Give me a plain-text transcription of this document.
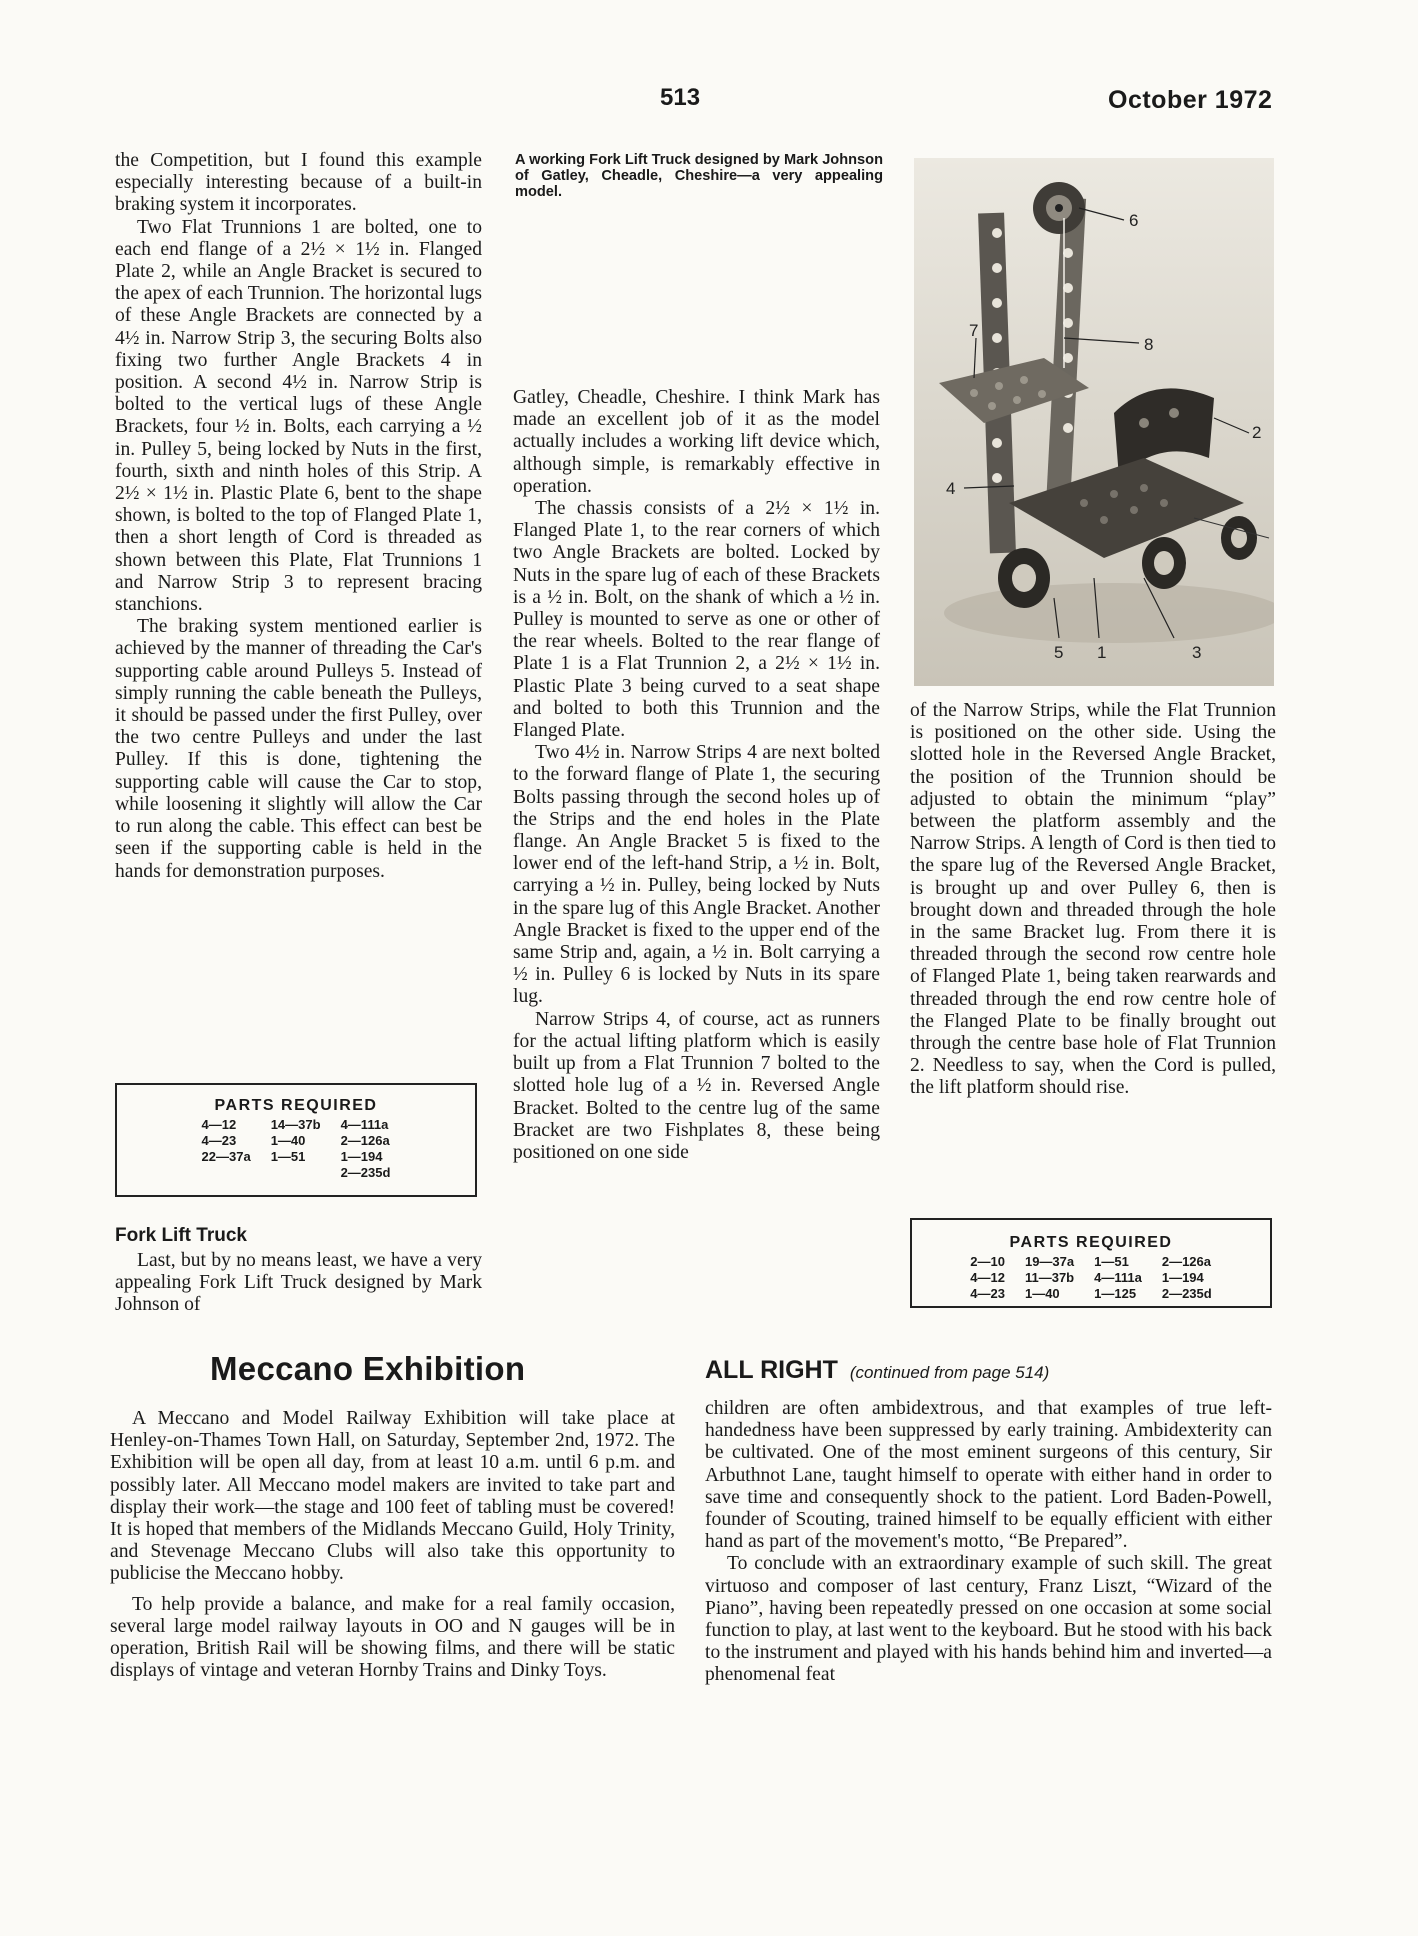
513	October 1972

the Competition, but I found this example especially interesting because of a built-in braking system it incorporates.

Two Flat Trunnions 1 are bolted, one to each end flange of a 2½ × 1½ in. Flanged Plate 2, while an Angle Bracket is secured to the apex of each Trunnion. The horizontal lugs of these Angle Brackets are connected by a 4½ in. Narrow Strip 3, the securing Bolts also fixing two further Angle Brackets 4 in position. A second 4½ in. Narrow Strip is bolted to the vertical lugs of these Angle Brackets, four ½ in. Bolts, each carrying a ½ in. Pulley 5, being locked by Nuts in the first, fourth, sixth and ninth holes of this Strip. A 2½ × 1½ in. Plastic Plate 6, bent to the shape shown, is bolted to the top of Flanged Plate 1, then a short length of Cord is threaded as shown between this Plate, Flat Trunnions 1 and Narrow Strip 3 to represent bracing stanchions.

The braking system mentioned earlier is achieved by the manner of threading the Car's supporting cable around Pulleys 5. Instead of simply running the cable beneath the Pulleys, it should be passed under the first Pulley, over the two centre Pulleys and under the last Pulley. If this is done, tightening the supporting cable will cause the Car to stop, while loosening it slightly will allow the Car to run along the cable. This effect can best be seen if the supporting cable is held in the hands for demonstration purposes.

PARTS REQUIRED
4—12	14—37b	4—111a
4—23	1—40	2—126a
22—37a	1—51	1—194
		2—235d
Fork Lift Truck

Last, but by no means least, we have a very appealing Fork Lift Truck designed by Mark Johnson of

A working Fork Lift Truck designed by Mark Johnson of Gatley, Cheadle, Cheshire—a very appealing model.

Gatley, Cheadle, Cheshire. I think Mark has made an excellent job of it as the model actually includes a working lift device which, although simple, is remarkably effective in operation.

The chassis consists of a 2½ × 1½ in. Flanged Plate 1, to the rear corners of which two Angle Brackets are bolted. Locked by Nuts in the spare lug of each of these Brackets is a ½ in. Bolt, on the shank of which a ½ in. Pulley is mounted to serve as one or other of the rear wheels. Bolted to the rear flange of Plate 1 is a Flat Trunnion 2, a 2½ × 1½ in. Plastic Plate 3 being curved to a seat shape and bolted to both this Trunnion and the Flanged Plate.

Two 4½ in. Narrow Strips 4 are next bolted to the forward flange of Plate 1, the securing Bolts passing through the second holes up of the Strips and the end holes in the Plate flange. An Angle Bracket 5 is fixed to the lower end of the left-hand Strip, a ½ in. Bolt, carrying a ½ in. Pulley, being locked by Nuts in the spare lug of this Angle Bracket. Another Angle Bracket is fixed to the upper end of the same Strip and, again, a ½ in. Bolt carrying a ½ in. Pulley 6 is locked by Nuts in its spare lug.

Narrow Strips 4, of course, act as runners for the actual lifting platform which is easily built up from a Flat Trunnion 7 bolted to the slotted hole lug of a ½ in. Reversed Angle Bracket. Bolted to the centre lug of the same Bracket are two Fishplates 8, these being positioned on one side

6
7
8
2
4
5 1	3

of the Narrow Strips, while the Flat Trunnion is positioned on the other side. Using the slotted hole in the Reversed Angle Bracket, the position of the Trunnion should be adjusted to obtain the minimum “play” between the platform assembly and the Narrow Strips. A length of Cord is then tied to the spare lug of the Reversed Angle Bracket, is brought up and over Pulley 6, then is brought down and threaded through the hole in the same Bracket lug. From there it is threaded through the second row centre hole of Flanged Plate 1, being taken rearwards and threaded through the end row centre hole of the Flanged Plate to be finally brought out through the centre base hole of Flat Trunnion 2. Needless to say, when the Cord is pulled, the lift platform should rise.

PARTS REQUIRED
2—10	19—37a	1—51	2—126a
4—12	11—37b	4—111a	1—194
4—23	1—40	1—125	2—235d
Meccano Exhibition

A Meccano and Model Railway Exhibition will take place at Henley-on-Thames Town Hall, on Saturday, September 2nd, 1972. The Exhibition will be open all day, from at least 10 a.m. until 6 p.m. and possibly later. All Meccano model makers are invited to take part and display their work—the stage and 100 feet of tabling must be covered! It is hoped that members of the Midlands Meccano Guild, Holy Trinity, and Stevenage Meccano Clubs will also take this opportunity to publicise the Meccano hobby.

To help provide a balance, and make for a real family occasion, several large model railway layouts in OO and N gauges will be in operation, British Rail will be showing films, and there will be static displays of vintage and veteran Hornby Trains and Dinky Toys.

ALL RIGHT (continued from page 514)

children are often ambidextrous, and that examples of true left-handedness have been suppressed by early training. Ambidexterity can be cultivated. One of the most eminent surgeons of this century, Sir Arbuthnot Lane, taught himself to operate with either hand in order to save time and consequently shock to the patient. Lord Baden-Powell, founder of Scouting, trained himself to be equally efficient with either hand as part of the movement's motto, “Be Prepared”.

To conclude with an extraordinary example of such skill. The great virtuoso and composer of last century, Franz Liszt, “Wizard of the Piano”, having been repeatedly pressed on one occasion at some social function to play, at last went to the keyboard. But he stood with his back to the instrument and played with his hands behind him and inverted—a phenomenal feat
